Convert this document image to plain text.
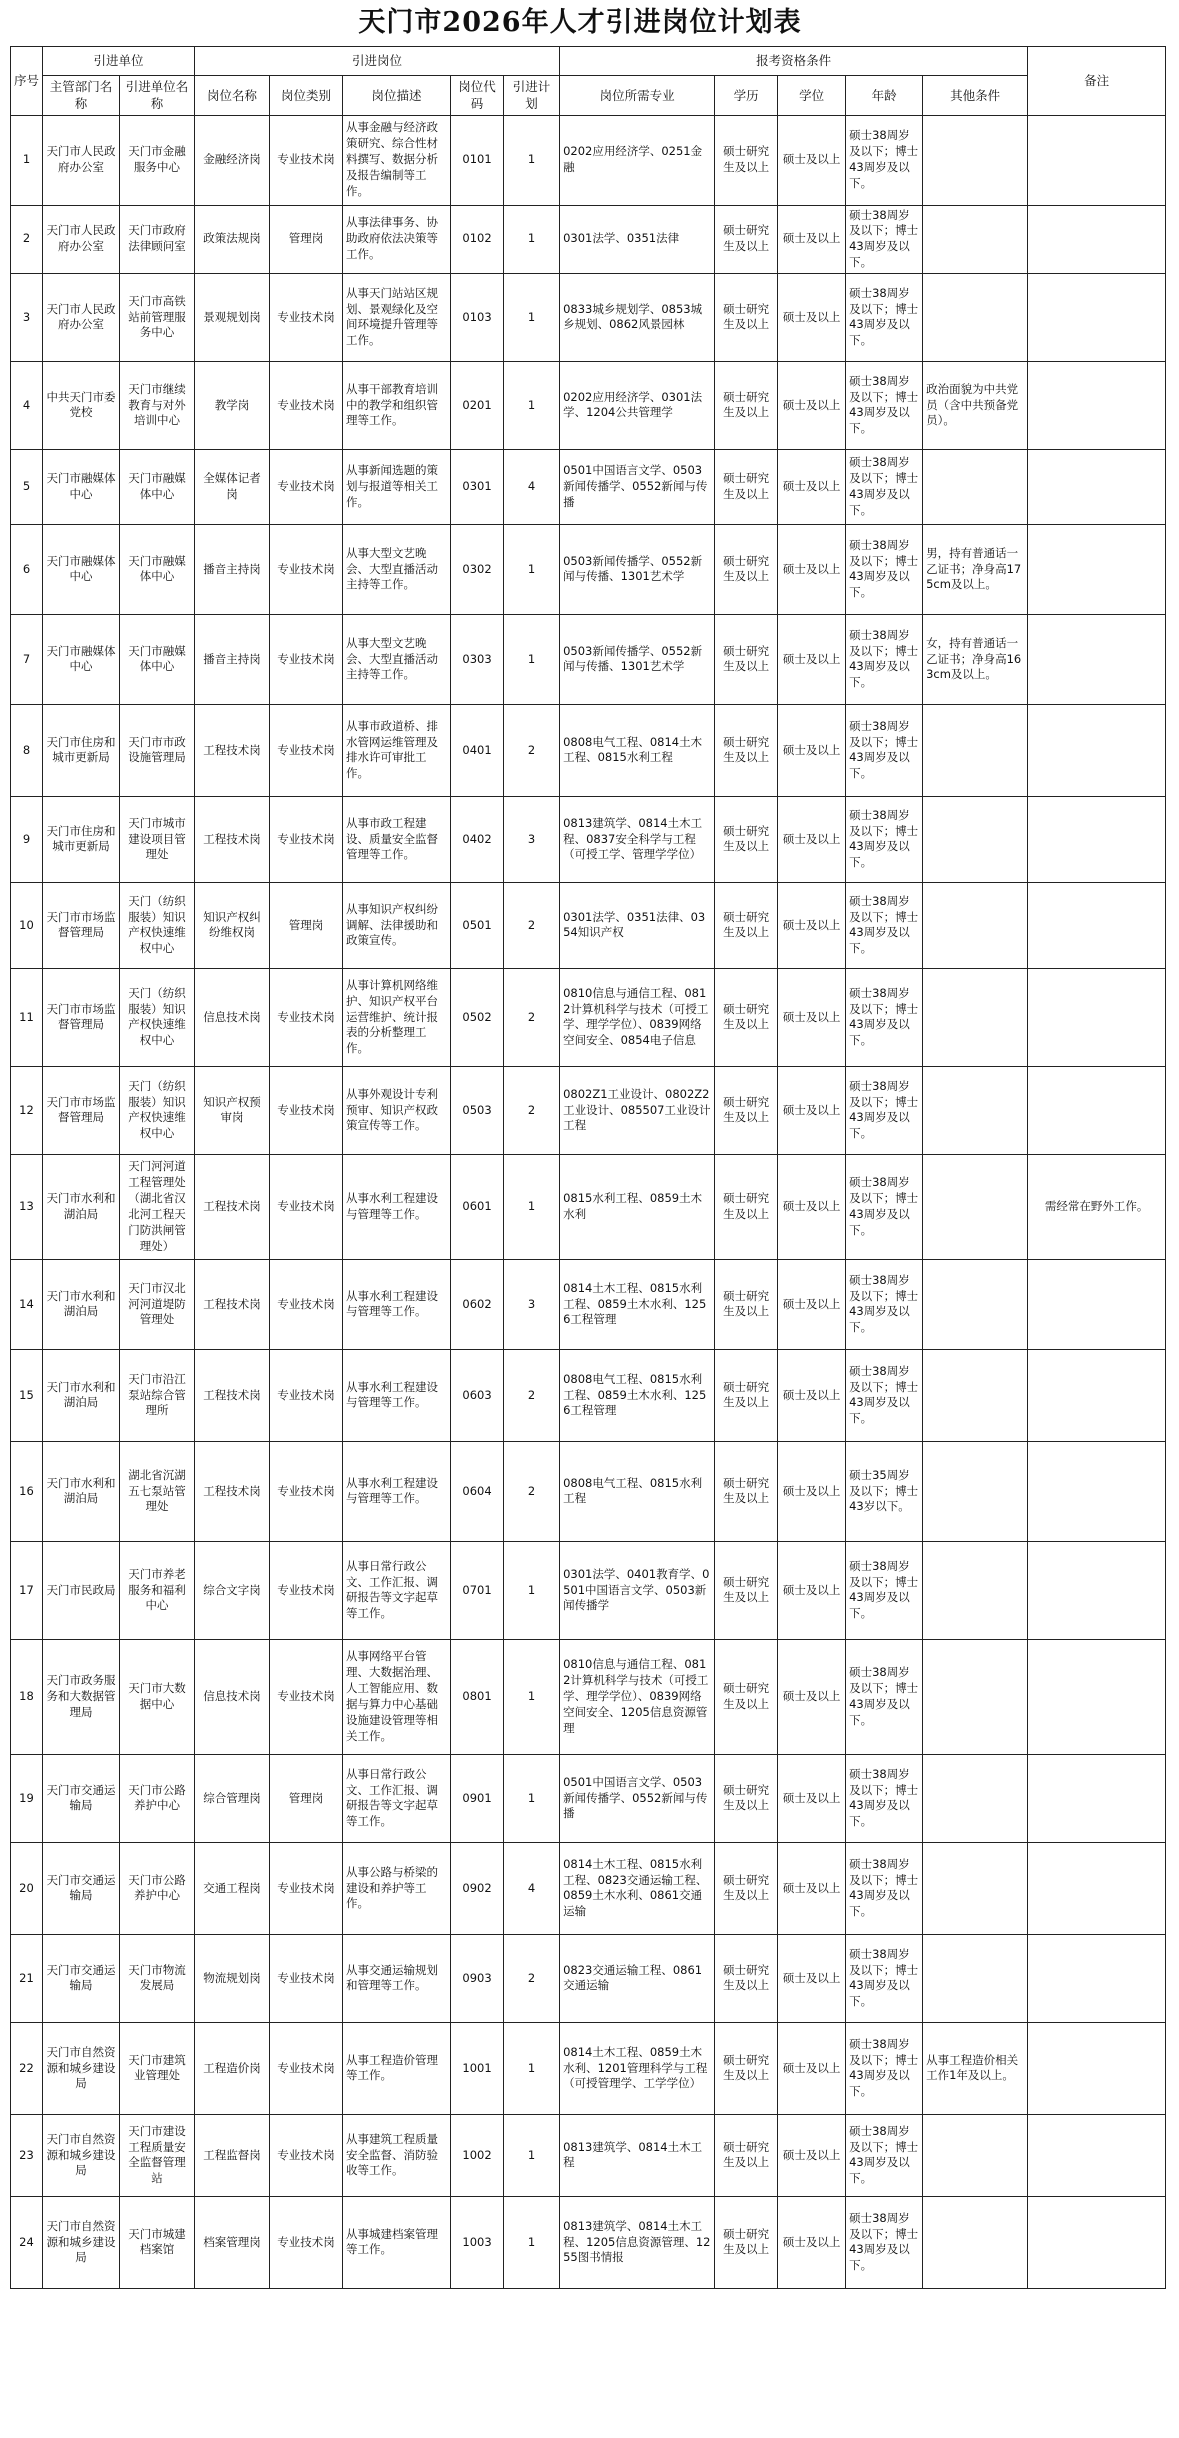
天门市2026年人才引进岗位计划表
序号	引进单位		引进岗位					报考资格条件					备注
	主管部门名称	引进单位名称	岗位名称	岗位类别	岗位描述	岗位代码	引进计划	岗位所需专业	学历	学位	年龄	其他条件	
1	天门市人民政府办公室	天门市金融服务中心	金融经济岗	专业技术岗	从事金融与经济政策研究、综合性材料撰写、数据分析及报告编制等工作。	0101	1	0202应用经济学、0251金融	硕士研究生及以上	硕士及以上	硕士38周岁及以下；博士43周岁及以下。		
2	天门市人民政府办公室	天门市政府法律顾问室	政策法规岗	管理岗	从事法律事务、协助政府依法决策等工作。	0102	1	0301法学、0351法律	硕士研究生及以上	硕士及以上	硕士38周岁及以下；博士43周岁及以下。		
3	天门市人民政府办公室	天门市高铁站前管理服务中心	景观规划岗	专业技术岗	从事天门站站区规划、景观绿化及空间环境提升管理等工作。	0103	1	0833城乡规划学、0853城乡规划、0862风景园林	硕士研究生及以上	硕士及以上	硕士38周岁及以下；博士43周岁及以下。		
4	中共天门市委党校	天门市继续教育与对外培训中心	教学岗	专业技术岗	从事干部教育培训中的教学和组织管理等工作。	0201	1	0202应用经济学、0301法学、1204公共管理学	硕士研究生及以上	硕士及以上	硕士38周岁及以下；博士43周岁及以下。	政治面貌为中共党员（含中共预备党员）。	
5	天门市融媒体中心	天门市融媒体中心	全媒体记者岗	专业技术岗	从事新闻选题的策划与报道等相关工作。	0301	4	0501中国语言文学、0503新闻传播学、0552新闻与传播	硕士研究生及以上	硕士及以上	硕士38周岁及以下；博士43周岁及以下。		
6	天门市融媒体中心	天门市融媒体中心	播音主持岗	专业技术岗	从事大型文艺晚会、大型直播活动主持等工作。	0302	1	0503新闻传播学、0552新闻与传播、1301艺术学	硕士研究生及以上	硕士及以上	硕士38周岁及以下；博士43周岁及以下。	男，持有普通话一乙证书；净身高175cm及以上。	
7	天门市融媒体中心	天门市融媒体中心	播音主持岗	专业技术岗	从事大型文艺晚会、大型直播活动主持等工作。	0303	1	0503新闻传播学、0552新闻与传播、1301艺术学	硕士研究生及以上	硕士及以上	硕士38周岁及以下；博士43周岁及以下。	女，持有普通话一乙证书；净身高163cm及以上。	
8	天门市住房和城市更新局	天门市市政设施管理局	工程技术岗	专业技术岗	从事市政道桥、排水管网运维管理及排水许可审批工作。	0401	2	0808电气工程、0814土木工程、0815水利工程	硕士研究生及以上	硕士及以上	硕士38周岁及以下；博士43周岁及以下。		
9	天门市住房和城市更新局	天门市城市建设项目管理处	工程技术岗	专业技术岗	从事市政工程建设、质量安全监督管理等工作。	0402	3	0813建筑学、0814土木工程、0837安全科学与工程（可授工学、管理学学位）	硕士研究生及以上	硕士及以上	硕士38周岁及以下；博士43周岁及以下。		
10	天门市市场监督管理局	天门（纺织服装）知识产权快速维权中心	知识产权纠纷维权岗	管理岗	从事知识产权纠纷调解、法律援助和政策宣传。	0501	2	0301法学、0351法律、0354知识产权	硕士研究生及以上	硕士及以上	硕士38周岁及以下；博士43周岁及以下。		
11	天门市市场监督管理局	天门（纺织服装）知识产权快速维权中心	信息技术岗	专业技术岗	从事计算机网络维护、知识产权平台运营维护、统计报表的分析整理工作。	0502	2	0810信息与通信工程、0812计算机科学与技术（可授工学、理学学位）、0839网络空间安全、0854电子信息	硕士研究生及以上	硕士及以上	硕士38周岁及以下；博士43周岁及以下。		
12	天门市市场监督管理局	天门（纺织服装）知识产权快速维权中心	知识产权预审岗	专业技术岗	从事外观设计专利预审、知识产权政策宣传等工作。	0503	2	0802Z1工业设计、0802Z2工业设计、085507工业设计工程	硕士研究生及以上	硕士及以上	硕士38周岁及以下；博士43周岁及以下。		
13	天门市水利和湖泊局	天门河河道工程管理处（湖北省汉北河工程天门防洪闸管理处）	工程技术岗	专业技术岗	从事水利工程建设与管理等工作。	0601	1	0815水利工程、0859土木水利	硕士研究生及以上	硕士及以上	硕士38周岁及以下；博士43周岁及以下。		需经常在野外工作。
14	天门市水利和湖泊局	天门市汉北河河道堤防管理处	工程技术岗	专业技术岗	从事水利工程建设与管理等工作。	0602	3	0814土木工程、0815水利工程、0859土木水利、1256工程管理	硕士研究生及以上	硕士及以上	硕士38周岁及以下；博士43周岁及以下。		
15	天门市水利和湖泊局	天门市沿江泵站综合管理所	工程技术岗	专业技术岗	从事水利工程建设与管理等工作。	0603	2	0808电气工程、0815水利工程、0859土木水利、1256工程管理	硕士研究生及以上	硕士及以上	硕士38周岁及以下；博士43周岁及以下。		
16	天门市水利和湖泊局	湖北省沉湖五七泵站管理处	工程技术岗	专业技术岗	从事水利工程建设与管理等工作。	0604	2	0808电气工程、0815水利工程	硕士研究生及以上	硕士及以上	硕士35周岁及以下；博士43岁以下。		
17	天门市民政局	天门市养老服务和福利中心	综合文字岗	专业技术岗	从事日常行政公文、工作汇报、调研报告等文字起草等工作。	0701	1	0301法学、0401教育学、0501中国语言文学、0503新闻传播学	硕士研究生及以上	硕士及以上	硕士38周岁及以下；博士43周岁及以下。		
18	天门市政务服务和大数据管理局	天门市大数据中心	信息技术岗	专业技术岗	从事网络平台管理、大数据治理、人工智能应用、数据与算力中心基础设施建设管理等相关工作。	0801	1	0810信息与通信工程、0812计算机科学与技术（可授工学、理学学位）、0839网络空间安全、1205信息资源管理	硕士研究生及以上	硕士及以上	硕士38周岁及以下；博士43周岁及以下。		
19	天门市交通运输局	天门市公路养护中心	综合管理岗	管理岗	从事日常行政公文、工作汇报、调研报告等文字起草等工作。	0901	1	0501中国语言文学、0503新闻传播学、0552新闻与传播	硕士研究生及以上	硕士及以上	硕士38周岁及以下；博士43周岁及以下。		
20	天门市交通运输局	天门市公路养护中心	交通工程岗	专业技术岗	从事公路与桥梁的建设和养护等工作。	0902	4	0814土木工程、0815水利工程、0823交通运输工程、0859土木水利、0861交通运输	硕士研究生及以上	硕士及以上	硕士38周岁及以下；博士43周岁及以下。		
21	天门市交通运输局	天门市物流发展局	物流规划岗	专业技术岗	从事交通运输规划和管理等工作。	0903	2	0823交通运输工程、0861交通运输	硕士研究生及以上	硕士及以上	硕士38周岁及以下；博士43周岁及以下。		
22	天门市自然资源和城乡建设局	天门市建筑业管理处	工程造价岗	专业技术岗	从事工程造价管理等工作。	1001	1	0814土木工程、0859土木水利、1201管理科学与工程（可授管理学、工学学位）	硕士研究生及以上	硕士及以上	硕士38周岁及以下；博士43周岁及以下。	从事工程造价相关工作1年及以上。	
23	天门市自然资源和城乡建设局	天门市建设工程质量安全监督管理站	工程监督岗	专业技术岗	从事建筑工程质量安全监督、消防验收等工作。	1002	1	0813建筑学、0814土木工程	硕士研究生及以上	硕士及以上	硕士38周岁及以下；博士43周岁及以下。		
24	天门市自然资源和城乡建设局	天门市城建档案馆	档案管理岗	专业技术岗	从事城建档案管理等工作。	1003	1	0813建筑学、0814土木工程、1205信息资源管理、1255图书情报	硕士研究生及以上	硕士及以上	硕士38周岁及以下；博士43周岁及以下。		
